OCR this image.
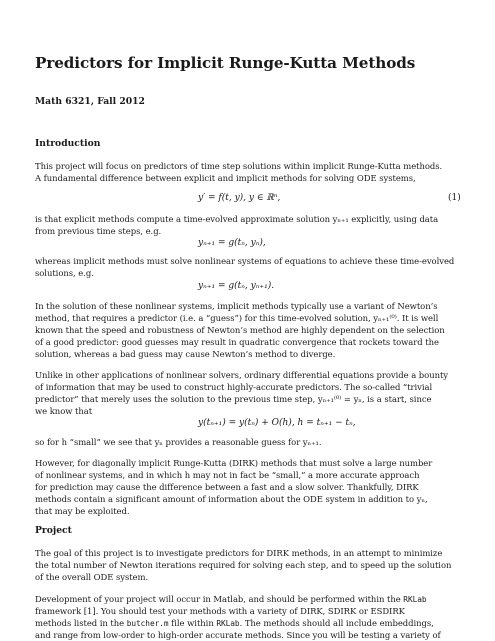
Predictors for Implicit Runge-Kutta Methods
Math 6321, Fall 2012
Introduction
This project will focus on predictors of time step solutions within implicit Runge-Kutta methods.
A fundamental difference between explicit and implicit methods for solving ODE systems,
y′ = f(t, y), y ∈ ℝⁿ,	(1)
is that explicit methods compute a time-evolved approximate solution yₙ₊₁ explicitly, using data
from previous time steps, e.g.
yₙ₊₁ = g(tₙ, yₙ),
whereas implicit methods must solve nonlinear systems of equations to achieve these time-evolved
solutions, e.g.
yₙ₊₁ = g(tₙ, yₙ₊₁).
In the solution of these nonlinear systems, implicit methods typically use a variant of Newton’s
method, that requires a predictor (i.e. a “guess”) for this time-evolved solution, yₙ₊₁⁽⁰⁾. It is well
known that the speed and robustness of Newton’s method are highly dependent on the selection
of a good predictor: good guesses may result in quadratic convergence that rockets toward the
solution, whereas a bad guess may cause Newton’s method to diverge.
Unlike in other applications of nonlinear solvers, ordinary differential equations provide a bounty
of information that may be used to construct highly-accurate predictors. The so-called “trivial
predictor” that merely uses the solution to the previous time step, yₙ₊₁⁽⁰⁾ = yₙ, is a start, since
we know that
y(tₙ₊₁) = y(tₙ) + O(h), h = tₙ₊₁ − tₙ,
so for h “small” we see that yₙ provides a reasonable guess for yₙ₊₁.
However, for diagonally implicit Runge-Kutta (DIRK) methods that must solve a large number
of nonlinear systems, and in which h may not in fact be “small,” a more accurate approach
for prediction may cause the difference between a fast and a slow solver. Thankfully, DIRK
methods contain a significant amount of information about the ODE system in addition to yₙ,
that may be exploited.
Project
The goal of this project is to investigate predictors for DIRK methods, in an attempt to minimize
the total number of Newton iterations required for solving each step, and to speed up the solution
of the overall ODE system.
Development of your project will occur in Matlab, and should be performed within the RKLab
framework [1]. You should test your methods with a variety of DIRK, SDIRK or ESDIRK
methods listed in the butcher.m file within RKLab. The methods should all include embeddings,
and range from low-order to high-order accurate methods. Since you will be testing a variety of
